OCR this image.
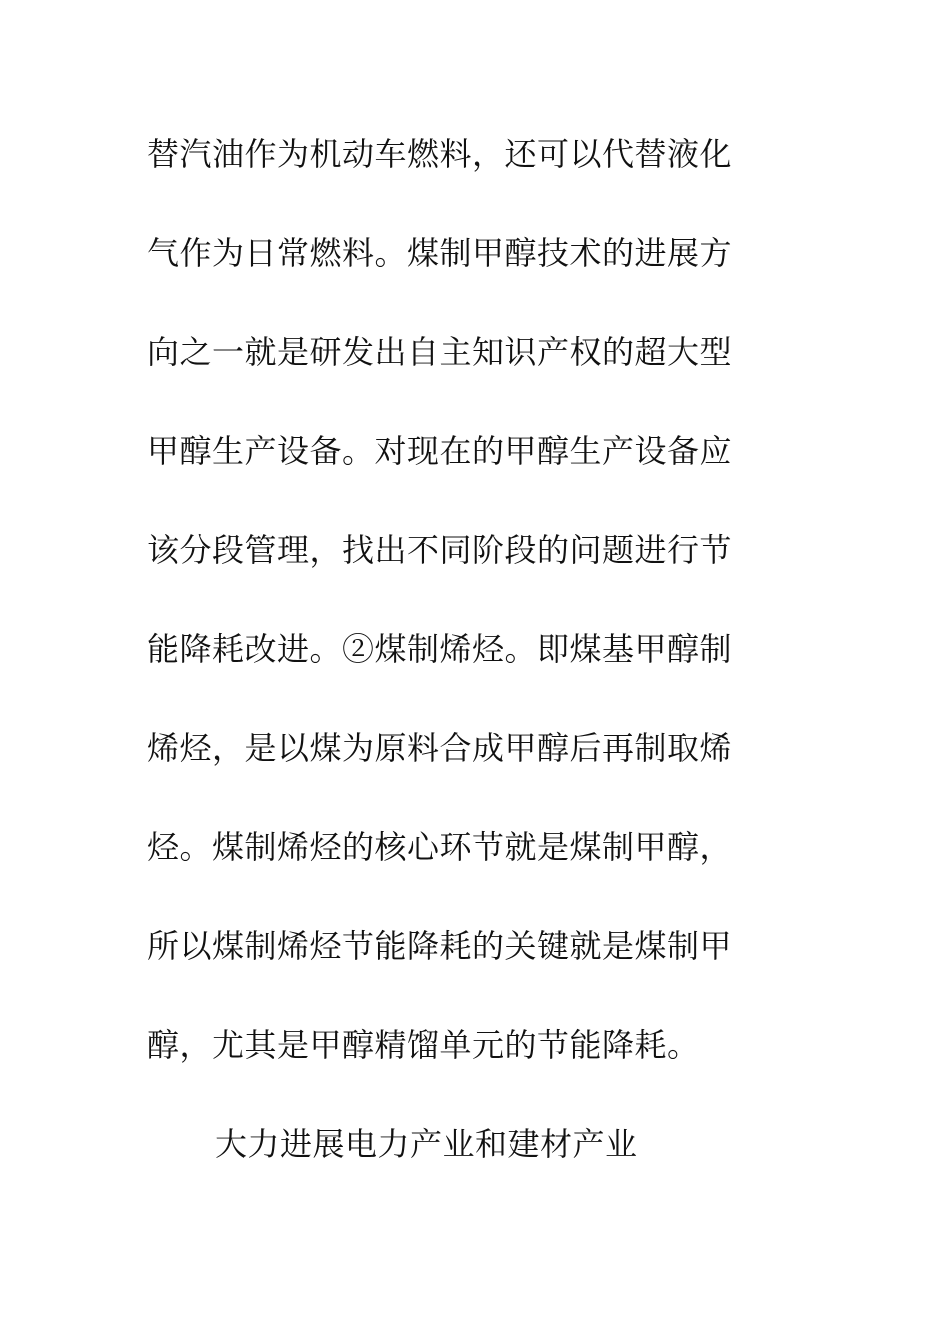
替汽油作为机动车燃料，还可以代替液化
气作为日常燃料。煤制甲醇技术的进展方
向之一就是研发出自主知识产权的超大型
甲醇生产设备。对现在的甲醇生产设备应
该分段管理，找出不同阶段的问题进行节
能降耗改进。②煤制烯烃。即煤基甲醇制
烯烃，是以煤为原料合成甲醇后再制取烯
烃。煤制烯烃的核心环节就是煤制甲醇，
所以煤制烯烃节能降耗的关键就是煤制甲
醇，尤其是甲醇精馏单元的节能降耗。
大力进展电力产业和建材产业
